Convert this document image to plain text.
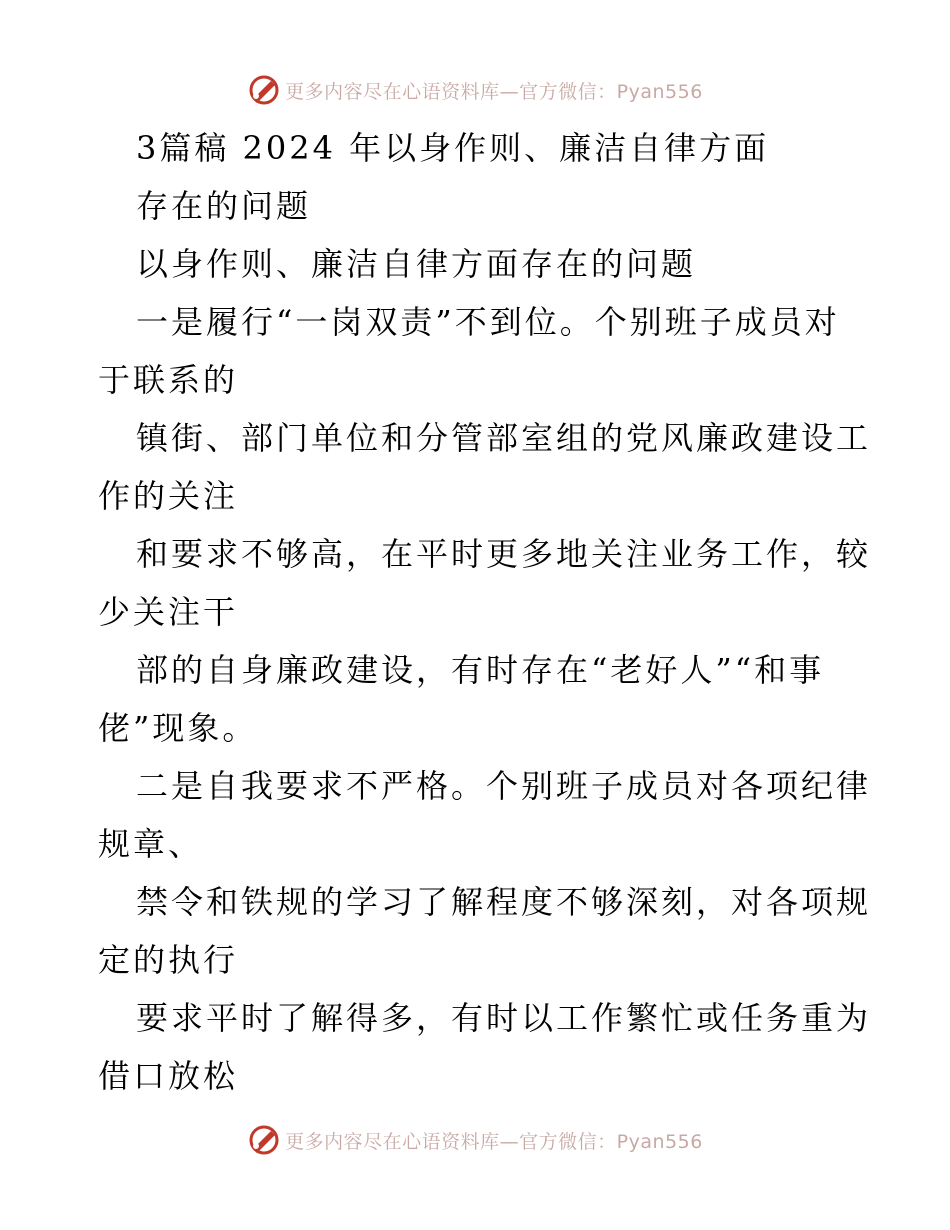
更多内容尽在心语资料库—官方微信：Pyan556
3篇稿 2024 年以身作则、廉洁自律方面
存在的问题
以身作则、廉洁自律方面存在的问题
一是履行“一岗双责”不到位。个别班子成员对
于联系的
镇街、部门单位和分管部室组的党风廉政建设工
作的关注
和要求不够高，在平时更多地关注业务工作，较
少关注干
部的自身廉政建设，有时存在“老好人”“和事
佬”现象。
二是自我要求不严格。个别班子成员对各项纪律
规章、
禁令和铁规的学习了解程度不够深刻，对各项规
定的执行
要求平时了解得多，有时以工作繁忙或任务重为
借口放松
更多内容尽在心语资料库—官方微信：Pyan556
